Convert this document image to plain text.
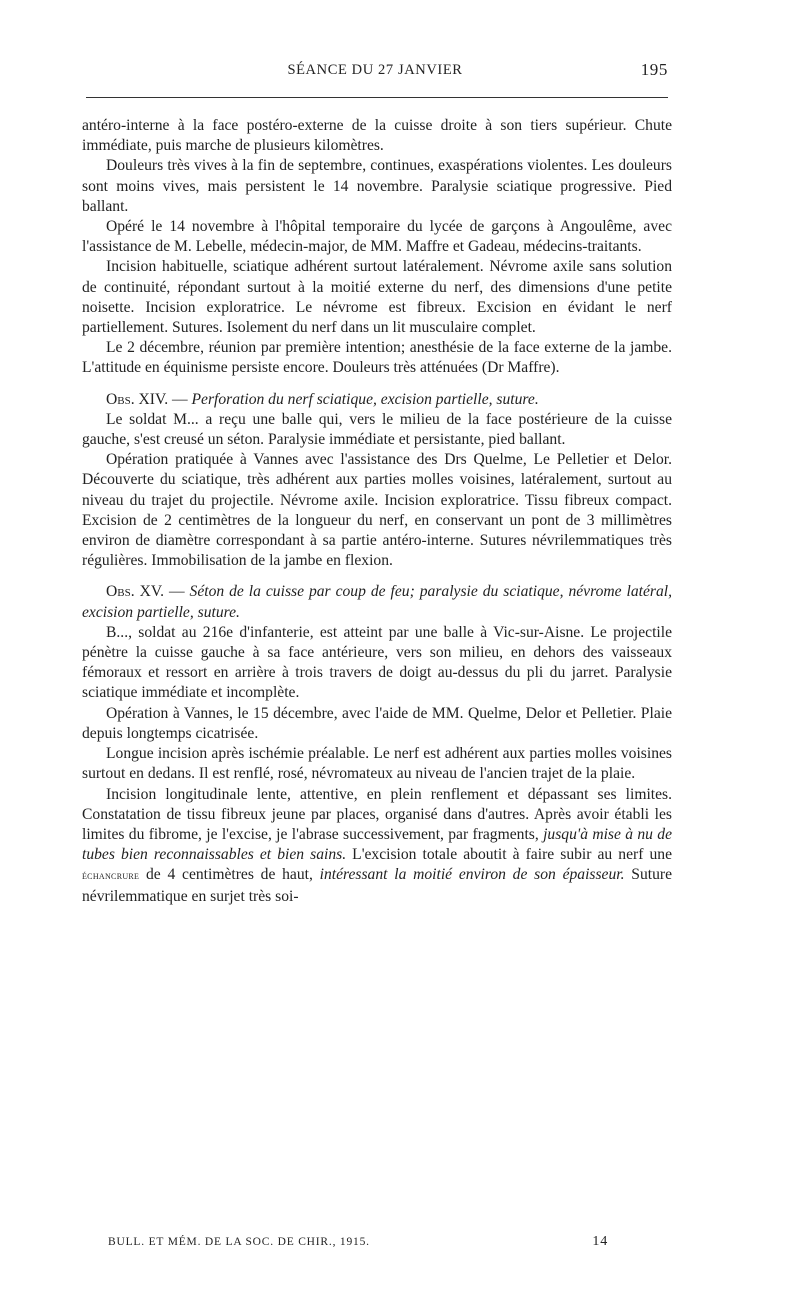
SÉANCE DU 27 JANVIER	195

antéro-interne à la face postéro-externe de la cuisse droite à son tiers supérieur. Chute immédiate, puis marche de plusieurs kilomètres.

Douleurs très vives à la fin de septembre, continues, exaspérations violentes. Les douleurs sont moins vives, mais persistent le 14 novembre. Paralysie sciatique progressive. Pied ballant.

Opéré le 14 novembre à l'hôpital temporaire du lycée de garçons à Angoulême, avec l'assistance de M. Lebelle, médecin-major, de MM. Maffre et Gadeau, médecins-traitants.

Incision habituelle, sciatique adhérent surtout latéralement. Névrome axile sans solution de continuité, répondant surtout à la moitié externe du nerf, des dimensions d'une petite noisette. Incision exploratrice. Le névrome est fibreux. Excision en évidant le nerf partiellement. Sutures. Isolement du nerf dans un lit musculaire complet.

Le 2 décembre, réunion par première intention; anesthésie de la face externe de la jambe. L'attitude en équinisme persiste encore. Douleurs très atténuées (Dr Maffre).

Obs. XIV. — Perforation du nerf sciatique, excision partielle, suture.

Le soldat M... a reçu une balle qui, vers le milieu de la face postérieure de la cuisse gauche, s'est creusé un séton. Paralysie immédiate et persistante, pied ballant.

Opération pratiquée à Vannes avec l'assistance des Drs Quelme, Le Pelletier et Delor. Découverte du sciatique, très adhérent aux parties molles voisines, latéralement, surtout au niveau du trajet du projectile. Névrome axile. Incision exploratrice. Tissu fibreux compact. Excision de 2 centimètres de la longueur du nerf, en conservant un pont de 3 millimètres environ de diamètre correspondant à sa partie antéro-interne. Sutures névrilemmatiques très régulières. Immobilisation de la jambe en flexion.

Obs. XV. — Séton de la cuisse par coup de feu; paralysie du sciatique, névrome latéral, excision partielle, suture.

B..., soldat au 216e d'infanterie, est atteint par une balle à Vic-sur-Aisne. Le projectile pénètre la cuisse gauche à sa face antérieure, vers son milieu, en dehors des vaisseaux fémoraux et ressort en arrière à trois travers de doigt au-dessus du pli du jarret. Paralysie sciatique immédiate et incomplète.

Opération à Vannes, le 15 décembre, avec l'aide de MM. Quelme, Delor et Pelletier. Plaie depuis longtemps cicatrisée.

Longue incision après ischémie préalable. Le nerf est adhérent aux parties molles voisines surtout en dedans. Il est renflé, rosé, névromateux au niveau de l'ancien trajet de la plaie.

Incision longitudinale lente, attentive, en plein renflement et dépassant ses limites. Constatation de tissu fibreux jeune par places, organisé dans d'autres. Après avoir établi les limites du fibrome, je l'excise, je l'abrase successivement, par fragments, jusqu'à mise à nu de tubes bien reconnaissables et bien sains. L'excision totale aboutit à faire subir au nerf une échancrure de 4 centimètres de haut, intéressant la moitié environ de son épaisseur. Suture névrilemmatique en surjet très soi-

BULL. ET MÉM. DE LA SOC. DE CHIR., 1915.	14
